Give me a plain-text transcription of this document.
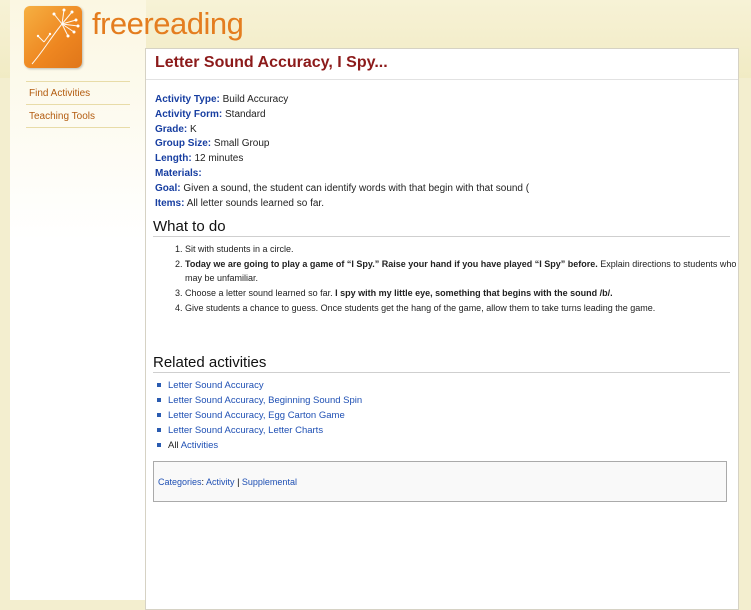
freereading
Find Activities
Teaching Tools
Letter Sound Accuracy, I Spy...
Activity Type: Build Accuracy
Activity Form: Standard
Grade: K
Group Size: Small Group
Length: 12 minutes
Materials:
Goal: Given a sound, the student can identify words with that begin with that sound (
Items: All letter sounds learned so far.
What to do
1. Sit with students in a circle.
2. Today we are going to play a game of “I Spy.” Raise your hand if you have played “I Spy” before. Explain directions to students who may be unfamiliar.
3. Choose a letter sound learned so far. I spy with my little eye, something that begins with the sound /b/.
4. Give students a chance to guess. Once students get the hang of the game, allow them to take turns leading the game.
Related activities
Letter Sound Accuracy
Letter Sound Accuracy, Beginning Sound Spin
Letter Sound Accuracy, Egg Carton Game
Letter Sound Accuracy, Letter Charts
All Activities
Categories: Activity | Supplemental
